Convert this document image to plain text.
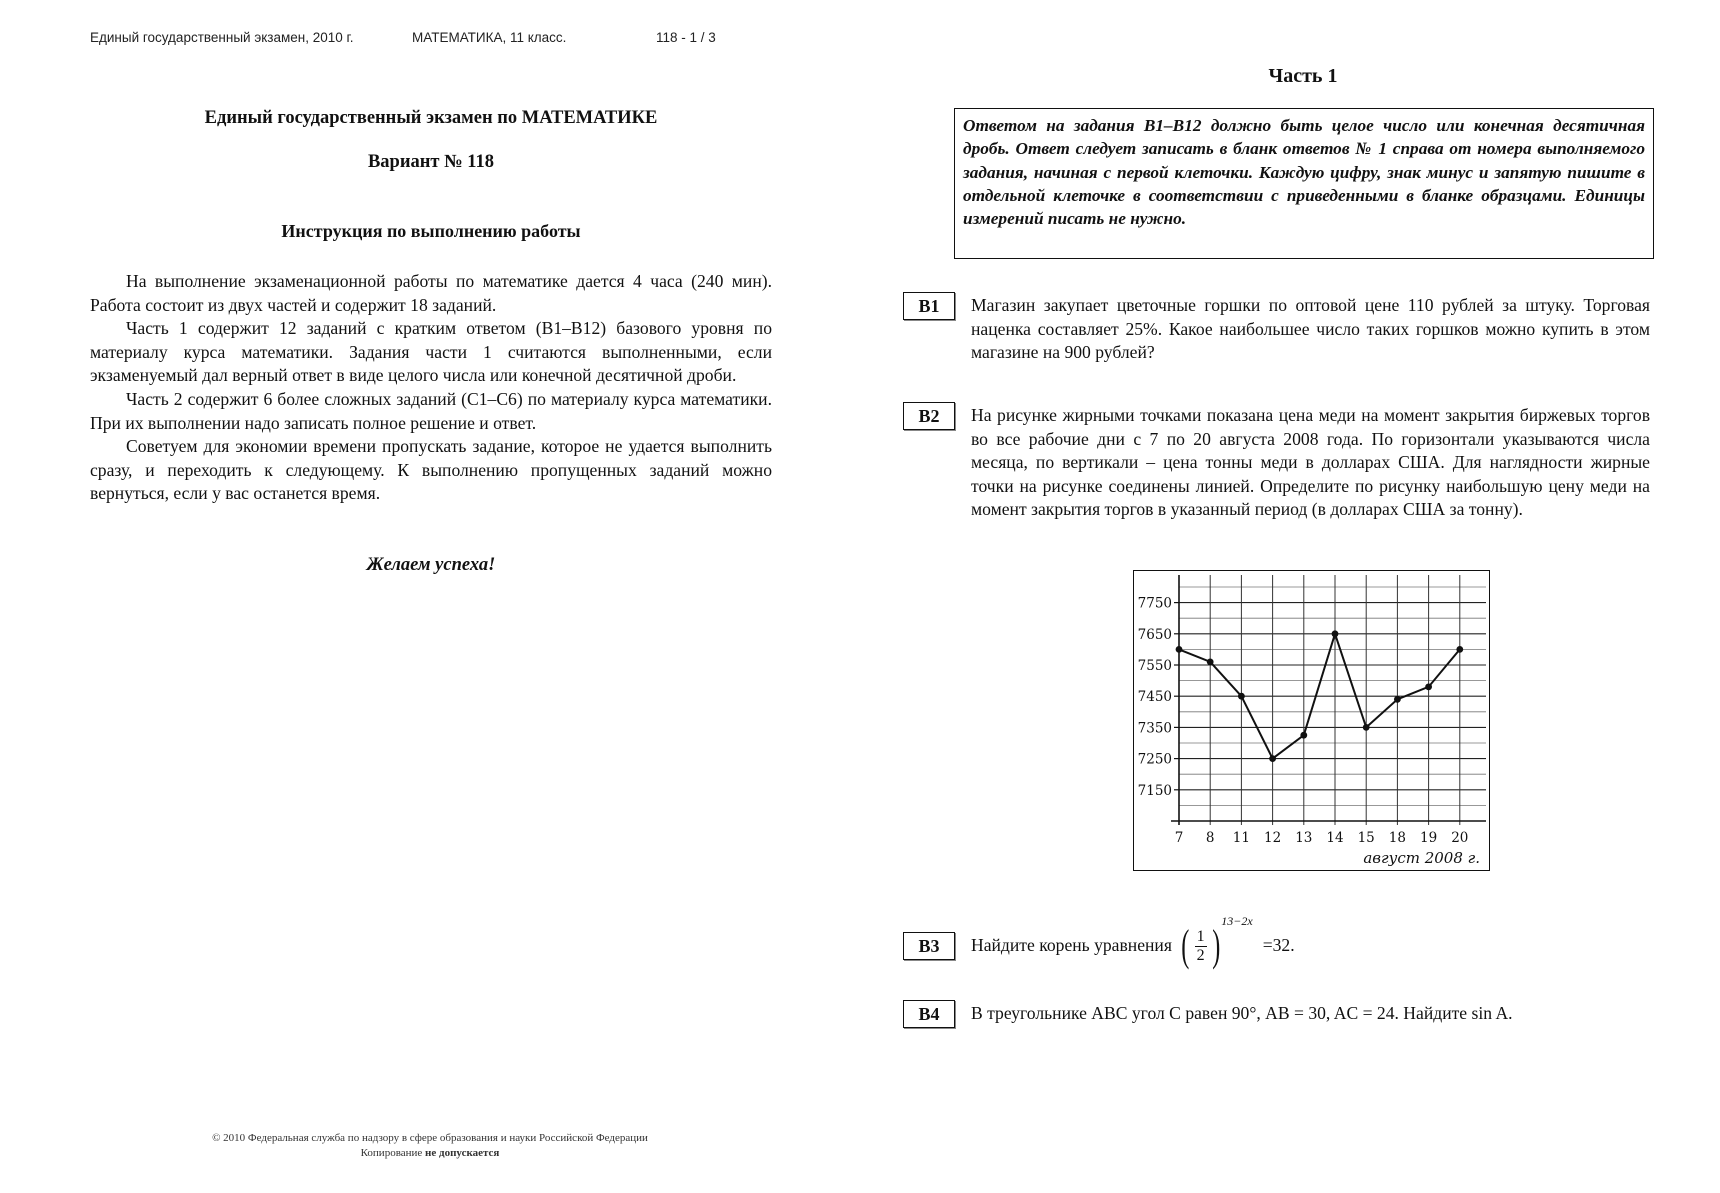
Единый государственный экзамен, 2010 г.	МАТЕМАТИКА, 11 класс.	118 - 1 / 3
Единый государственный экзамен по МАТЕМАТИКЕ
Вариант № 118
Инструкция по выполнению работы

На выполнение экзаменационной работы по математике дается 4 часа (240 мин). Работа состоит из двух частей и содержит 18 заданий.

Часть 1 содержит 12 заданий с кратким ответом (В1–В12) базового уровня по материалу курса математики. Задания части 1 считаются выполненными, если экзаменуемый дал верный ответ в виде целого числа или конечной десятичной дроби.

Часть 2 содержит 6 более сложных заданий (С1–С6) по материалу курса математики. При их выполнении надо записать полное решение и ответ.

Советуем для экономии времени пропускать задание, которое не удается выполнить сразу, и переходить к следующему. К выполнению пропущенных заданий можно вернуться, если у вас останется время.

Желаем успеха!
© 2010 Федеральная служба по надзору в сфере образования и науки Российской Федерации
Копирование не допускается
Часть 1
Ответом на задания В1–В12 должно быть целое число или конечная десятичная дробь. Ответ следует записать в бланк ответов № 1 справа от номера выполняемого задания, начиная с первой клеточки. Каждую цифру, знак минус и запятую пишите в отдельной клеточке в соответствии с приведенными в бланке образцами. Единицы измерений писать не нужно.
B1	Магазин закупает цветочные горшки по оптовой цене 110 рублей за штуку. Торговая наценка составляет 25%. Какое наибольшее число таких горшков можно купить в этом магазине на 900 рублей?
B2	На рисунке жирными точками показана цена меди на момент закрытия биржевых торгов во все рабочие дни с 7 по 20 августа 2008 года. По горизонтали указываются числа месяца, по вертикали – цена тонны меди в долларах США. Для наглядности жирные точки на рисунке соединены линией. Определите по рисунку наибольшую цену меди на момент закрытия торгов в указанный период (в долларах США за тонну).
7150
7250
7350
7450
7550
7650
7750
7 8 11 12 13 14 15 18 19 20
август 2008 г.
B3	Найдите корень уравнения ( $\frac{1}{2}$ ) 13−2x
=32.
B4	В треугольнике ABC угол C равен 90°, AB = 30, AC = 24. Найдите sin A.
